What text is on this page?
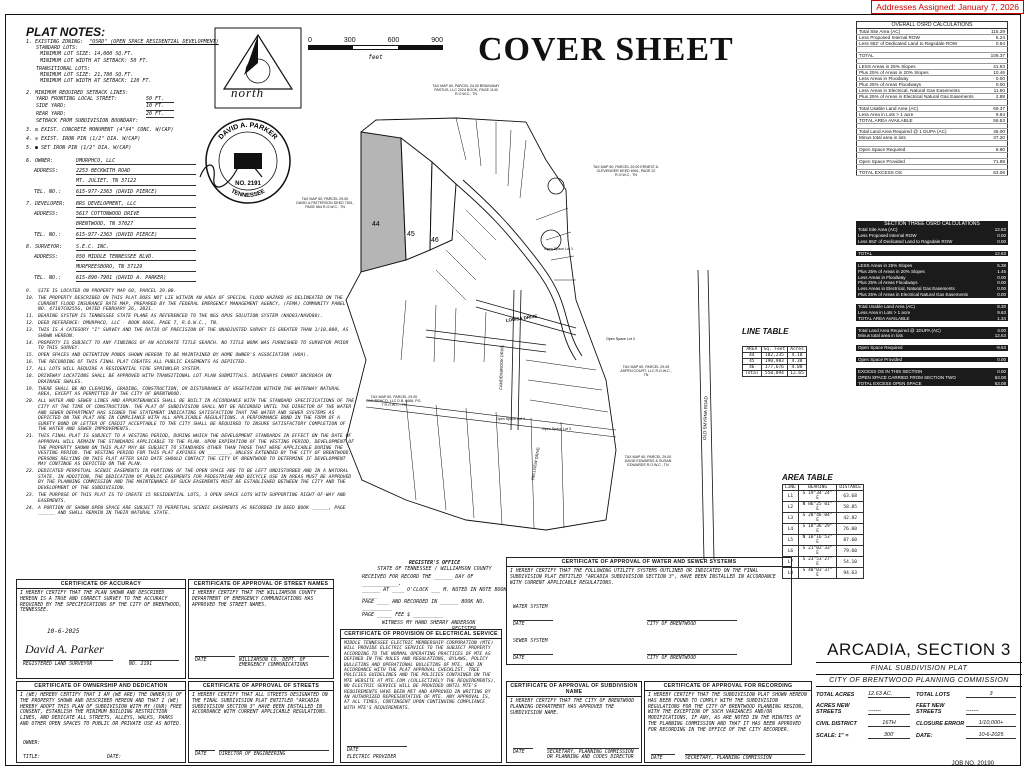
Addresses Assigned: January 7, 2026
PLAT NOTES:
1. EXISTING ZONING: "OSRD" (OPEN SPACE RESIDENTIAL DEVELOPMENT)
STANDARD LOTS:
MINIMUM LOT SIZE: 14,000 SQ.FT.
MINIMUM LOT WIDTH AT SETBACK: 50 FT.
TRANSITIONAL LOTS:
MINIMUM LOT SIZE: 21,780 SQ.FT.
MINIMUM LOT WIDTH AT SETBACK: 120 FT.
2. MINIMUM REQUIRED SETBACK LINES:
YARD FRONTING LOCAL STREET:	50 FT.
SIDE YARD:	10 FT.
REAR YARD:	20 FT.
SETBACK FROM SUBDIVISION BOUNDARY:
3. ⊡ EXIST. CONCRETE MONUMENT (4"X4" CONC. W/CAP)
4. ⊙ EXIST. IRON PIN (1/2" DIA. W/CAP)
5. ● SET IRON PIN (1/2" DIA. W/CAP)
6. OWNER:	DMURPHCO, LLC
ADDRESS:	2253 BECKWITH ROAD
MT. JULIET, TN 37122
TEL. NO.:	615-977-2363 (DAVID PIERCE)
7. DEVELOPER:	BRS DEVELOPMENT, LLC
ADDRESS:	5617 COTTONWOOD DRIVE
BRENTWOOD, TN 37027
TEL. NO.:	615-977-2363 (DAVID PIERCE)
8. SURVEYOR:	S.E.C. INC.
ADDRESS:	850 MIDDLE TENNESSEE BLVD.
MURFREESBORO, TN 37129
TEL. NO.:	615-890-7901 (DAVID A. PARKER)
9. SITE IS LOCATED ON PROPERTY MAP 60, PARCEL 29.00.
10. THE PROPERTY DESCRIBED ON THIS PLAT DOES NOT LIE WITHIN AN AREA OF SPECIAL FLOOD HAZARD AS DELINEATED ON THE CURRENT FLOOD INSURANCE RATE MAP, PREPARED BY THE FEDERAL EMERGENCY MANAGEMENT AGENCY, (FEMA) COMMUNITY PANEL NO. 47187C0255G, DATED FEBRUARY 26, 2021.
11. BEARING SYSTEM IS TENNESSEE STATE PLANE AS REFERENCED TO THE NGS OPUS SOLUTION SYSTEM (NAD83/NAVD88).
12. DEED REFERENCE: DMURPHCO, LLC - BOOK 8666, PAGE 7, R.O.W.C., TN.
13. THIS IS A CATEGORY "I" SURVEY AND THE RATIO OF PRECISION OF THE UNADJUSTED SURVEY IS GREATER THAN 1/10,000, AS SHOWN HEREON.
14. PROPERTY IS SUBJECT TO ANY FINDINGS OF AN ACCURATE TITLE SEARCH. NO TITLE WORK WAS FURNISHED TO SURVEYOR PRIOR TO THIS SURVEY.
15. OPEN SPACES AND DETENTION PONDS SHOWN HEREON TO BE MAINTAINED BY HOME OWNER'S ASSOCIATION (HOA).
16. THE RECORDING OF THIS FINAL PLAT CREATES ALL PUBLIC EASEMENTS AS DEPICTED.
17. ALL LOTS WILL REQUIRE A RESIDENTIAL FIRE SPRINKLER SYSTEM.
18. DRIVEWAY LOCATIONS SHALL BE APPROVED WITH TRANSITIONAL LOT PLAN SUBMITTALS. DRIVEWAYS CANNOT ENCROACH ON DRAINAGE SWALES.
19. THERE SHALL BE NO CLEARING, GRADING, CONSTRUCTION, OR DISTURBANCE OF VEGETATION WITHIN THE WATERWAY NATURAL AREA, EXCEPT AS PERMITTED BY THE CITY OF BRENTWOOD.
20. ALL WATER AND SEWER LINES AND APPURTENANCES SHALL BE BUILT IN ACCORDANCE WITH THE STANDARD SPECIFICATIONS OF THE CITY AT THE TIME OF CONSTRUCTION. THE PLAT OF SUBDIVISION SHALL NOT BE RECORDED UNTIL THE DIRECTOR OF THE WATER AND SEWER DEPARTMENT HAS SIGNED THE STATEMENT INDICATING SATISFACTION THAT THE WATER AND SEWER SYSTEMS AS DEPICTED ON THE PLAT ARE IN COMPLIANCE WITH ALL APPLICABLE REGULATIONS. A PERFORMANCE BOND IN THE FORM OF A SURETY BOND OR LETTER OF CREDIT ACCEPTABLE TO THE CITY SHALL BE REQUIRED TO INSURE SATISFACTORY COMPLETION OF THE WATER AND SEWER IMPROVEMENTS.
21. THIS FINAL PLAT IS SUBJECT TO A VESTING PERIOD, DURING WHICH THE DEVELOPMENT STANDARDS IN EFFECT ON THE DATE OF APPROVAL WILL REMAIN THE STANDARDS APPLICABLE TO THE PLAN. UPON EXPIRATION OF THE VESTING PERIOD, DEVELOPMENT OF THE PROPERTY SHOWN ON THIS PLAT MAY BE SUBJECT TO STANDARDS OTHER THAN THOSE THAT WERE APPLICABLE DURING THE VESTING PERIOD. THE VESTING PERIOD FOR THIS PLAT EXPIRES ON ________, UNLESS EXTENDED BY THE CITY OF BRENTWOOD. PERSONS RELYING ON THIS PLAT AFTER SAID DATE SHOULD CONTACT THE CITY OF BRENTWOOD TO DETERMINE IF DEVELOPMENT MAY CONTINUE AS DEPICTED ON THE PLAN.
22. DEDICATED PERPETUAL SCENIC EASEMENTS IN PORTIONS OF THE OPEN SPACE ARE TO BE LEFT UNDISTURBED AND IN A NATURAL STATE. IN ADDITION, THE DEDICATION OF PUBLIC EASEMENTS FOR PEDESTRIAN AND BICYCLE USE IN AREAS MUST BE APPROVED BY THE PLANNING COMMISSION AND THE MAINTENANCE OF SUCH EASEMENTS MUST BE ESTABLISHED BETWEEN THE CITY AND THE DEVELOPMENT OF THE SUBDIVISION.
23. THE PURPOSE OF THIS PLAT IS TO CREATE 15 RESIDENTIAL LOTS, 3 OPEN SPACE LOTS WITH SUPPORTING RIGHT-OF-WAY AND EASEMENTS.
24. A PORTION OF SHOWN OPEN SPACE ARE SUBJECT TO PERPETUAL SCENIC EASEMENTS AS RECORDED IN DEED BOOK ______, PAGE ______ AND SHALL REMAIN IN THEIR NATURAL STATE.
north
0	300	600	900
feet	COVER SHEET
DAVID A. PARKER
TENNESSEE
NO. 2191
44
45
46
LOUISA DRIVE
CAMDENBROOK DRIVE
BELLVIEW DRIVE
OLD SMYRNA ROAD
Open Space Lot 1
Open Space Lot 2
Open Space Lot 3
Open Space Lot 4
TAX MAP 60, PARCEL 24.00 BRAIN/AMY PASTUS, LLC 2024 BOOK, PAGE 1143 R.O.W.C., TN
TAX MAP 60, PARCEL 29.00 DAVID & PATTERSON DEED 7501, PAGE 564 R.O.W.C., TN
TAX MAP 60, PARCEL 29.00 ERNEST A. CLEVENGER DEED 6901, PAGE 22 R.O.W.C., TN
TAX MAP 60, PARCEL 29.00 DMURPHCO, LLC D.B. 8666, PG. 7 R.O.W.C., TN
TAX MAP 60, PARCEL 29.05 ASPEN COURT, LLC R.O.W.C., TN
TAX MAP 60, PARCEL 29.00 DAVID EDWARDS & SUSAN EDWARDS R.O.W.C., TN
OVERALL OSRD CALCULATIONS
Total Site Area (AC)	115.29
Less Proposed Internal ROW	5.24
Less 652' of Dedicated Land to Ragsdale ROW	0.84

TOTAL	109.37

LESS Areas in 25% Slopes	41.83
Plus 25% of Areas in 20% Slopes	10.46
Less Areas in Floodway	0.00
Plus 25% of Areas Floodways	0.00
Less Areas in Electrical, Natural Gas Easements	11.50
Plus 25% of Areas in Electrical Natural Gas Easements	2.88

Total Usable Land Area (AC)	69.37
Less Area in Lots > 1 acre	9.84
TOTAL AREA AVAILABLE	59.53

Total Land Area Required @ 1 DUPA (AC)	46.00
Minus total area in lots	37.20

Open Space Required	8.80

Open Space Provided	71.88

TOTAL EXCESS OS	63.08
SECTION THREE OSRD CALCULATIONS
Total Site Area (AC)	12.83
Less Proposed Internal ROW	0.00
Less 652' of Dedicated Land to Ragsdale ROW	0.00

TOTAL	12.83

LESS Areas in 25% Slopes	5.38
Plus 25% of Areas in 20% Slopes	1.45
Less Areas in Floodway	0.00
Plus 25% of Areas Floodways	0.00
Less Areas in Electrical, Natural Gas Easements	0.00
Plus 25% of Areas in Electrical Natural Gas Easements	0.00

Total Usable Land Area (AC)	8.30
Less Area in Lots > 1 acre	9.63
TOTAL AREA AVAILABLE	1.34

Total Land Area Required @ 1DUPA (AC)	3.00
Minus total area in lots	12.63

Open Space Required	-9.63

Open Space Provided	0.00

EXCESS OS IN THIS SECTION	0.00
OPEN SPACE CARRIED FROM SECTION TWO	63.08
TOTAL EXCESS OPEN SPACE	63.08
LINE TABLE
AREA	Sq. Feet	Acres
44	182,235	4.18
45	190,983	4.38
46	177,676	4.08
Total	550,894	12.65
AREA TABLE
LINE	BEARING	DISTANCE
L1	S 19°34'24" E	63.68
L2	N 86°25'01" E	58.85
L3	S 28°46'04" E	42.82
L4	S 18°36'29" E	76.00
L5	N 18°16'53" E	87.60
L6	S 21°02'33" E	79.60
L7	S 23°53'27" E	54.10
L8	S 40°03'37" E	94.63
REGISTER'S OFFICE
STATE OF TENNESSEE / WILLIAMSON COUNTY
RECEIVED FOR RECORD THE ______ DAY OF ____________,
______ AT ____ O'CLOCK ___ M. NOTED IN NOTE BOOK _____
PAGE ____ AND RECORDED IN ______ BOOK NO. __________
PAGE _____ FEE $ __________
WITNESS MY HAND SHERRY ANDERSON
REGISTER
CERTIFICATE OF ACCURACY
I HEREBY CERTIFY THAT THE PLAN SHOWN AND DESCRIBED HEREON IS A TRUE AND CORRECT SURVEY TO THE ACCURACY REQUIRED BY THE SPECIFICATIONS OF THE CITY OF BRENTWOOD, TENNESSEE.
10-6-2025
David A. Parker
REGISTERED LAND SURVEYOR	NO. 2191
CERTIFICATE OF APPROVAL OF STREET NAMES
I HEREBY CERTIFY THAT THE WILLIAMSON COUNTY DEPARTMENT OF EMERGENCY COMMUNICATIONS HAS APPROVED THE STREET NAMES.
DATE	WILLIAMSON CO. DEPT. OF EMERGENCY COMMUNICATIONS
CERTIFICATE OF PROVISION OF ELECTRICAL SERVICE
MIDDLE TENNESSEE ELECTRIC MEMBERSHIP CORPORATION (MTE) WILL PROVIDE ELECTRIC SERVICE TO THE SUBJECT PROPERTY ACCORDING TO THE NORMAL OPERATING PRACTICES OF MTE AS DEFINED IN THE RULES AND REGULATIONS, BYLAWS, POLICY BULLETINS AND OPERATIONAL BULLETINS OF MTE, AND IN ACCORDANCE WITH THE PLAT APPROVAL CHECKLIST. TREE POLICIES GUIDELINES AND THE POLICIES CONTAINED ON THE MTE WEBSITE AT MTE.COM (COLLECTIVELY THE REQUIREMENTS). NO ELECTRIC SERVICE WILL BE PROVIDED UNTIL MTE'S REQUIREMENTS HAVE BEEN MET AND APPROVED IN WRITING BY AN AUTHORIZED REPRESENTATIVE OF MTE. ANY APPROVAL IS, AT ALL TIMES, CONTINGENT UPON CONTINUING COMPLIANCE WITH MTE'S REQUIREMENTS.
DATE
ELECTRIC PROVIDER
CERTIFICATE OF APPROVAL OF WATER AND SEWER SYSTEMS
I HEREBY CERTIFY THAT THE FOLLOWING UTILITY SYSTEMS OUTLINED OR INDICATED ON THE FINAL SUBDIVISION PLAT ENTITLED "ARCADIA SUBDIVISION SECTION 3", HAVE BEEN INSTALLED IN ACCORDANCE WITH CURRENT APPLICABLE REGULATIONS.
WATER SYSTEM
DATE	CITY OF BRENTWOOD
SEWER SYSTEM
DATE	CITY OF BRENTWOOD
CERTIFICATE OF OWNERSHIP AND DEDICATION
I (WE) HEREBY CERTIFY THAT I AM (WE ARE) THE OWNER(S) OF THE PROPERTY SHOWN AND DESCRIBED HEREON AND THAT I (WE) HEREBY ADOPT THIS PLAN OF SUBDIVISION WITH MY (OUR) FREE CONSENT, ESTABLISH THE MINIMUM BUILDING RESTRICTION LINES, AND DEDICATE ALL STREETS, ALLEYS, WALKS, PARKS AND OTHER OPEN SPACES TO PUBLIC OR PRIVATE USE AS NOTED.
OWNER:
TITLE:	DATE:
CERTIFICATE OF APPROVAL OF STREETS
I HEREBY CERTIFY THAT ALL STREETS DESIGNATED ON THE FINAL SUBDIVISION PLAT ENTITLED "ARCADIA SUBDIVISION SECTION 3" HAVE BEEN INSTALLED IN ACCORDANCE WITH CURRENT APPLICABLE REGULATIONS.
DATE	DIRECTOR OF ENGINEERING
CERTIFICATE OF APPROVAL OF SUBDIVISION NAME
I HEREBY CERTIFY THAT THE CITY OF BRENTWOOD PLANNING DEPARTMENT HAS APPROVED THE SUBDIVISION NAME.
DATE	SECRETARY, PLANNING COMMISSION OR PLANNING AND CODES DIRECTOR
CERTIFICATE OF APPROVAL FOR RECORDING
I HEREBY CERTIFY THAT THE SUBDIVISION PLAT SHOWN HEREON HAS BEEN FOUND TO COMPLY WITH THE SUBDIVISION REGULATIONS FOR THE CITY OF BRENTWOOD PLANNING REGION, WITH THE EXCEPTION OF SUCH VARIANCES AND/OR MODIFICATIONS, IF ANY, AS ARE NOTED IN THE MINUTES OF THE PLANNING COMMISSION AND THAT IT HAS BEEN APPROVED FOR RECORDING IN THE OFFICE OF THE CITY RECORDER.
DATE	SECRETARY, PLANNING COMMISSION
ARCADIA, SECTION 3
FINAL SUBDIVISION PLAT
CITY OF BRENTWOOD PLANNING COMMISSION
TOTAL ACRES	12.63 AC.	TOTAL LOTS	3
ACRES NEW STREETS	-------
FEET NEW STREETS	-------
CIVIL DISTRICT	16TH	CLOSURE ERROR	1/10,000+
SCALE: 1" =	300'	DATE:	10-6-2025
JOB NO. 20190
